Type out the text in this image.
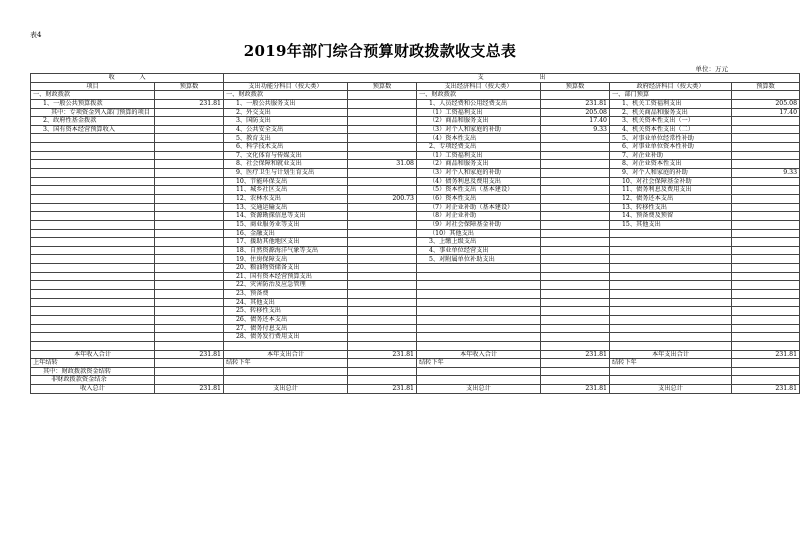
表4
2019年部门综合预算财政拨款收支总表
单位：万元
收　　　　入		支　　　　　　　　　出					
项目	预算数	支出功能分科目（按大类）	预算数	支出经济科目（按大类）	预算数	政府经济科目（按大类）	预算数
一、财政拨款		一、财政拨款		一、财政拨款		一、部门预算	
1、一般公共预算拨款	231.81	1、一般公共服务支出		1、人员经费和公用经费支出	231.81	1、机关工资福利支出	205.08
其中：专项资金列入部门预算的项目		2、外交支出		（1）工资福利支出	205.08	2、机关商品和服务支出	17.40
2、政府性基金拨款		3、国防支出		（2）商品和服务支出	17.40	3、机关资本性支出（一）	
3、国有资本经营预算收入		4、公共安全支出		（3）对个人和家庭的补助	9.33	4、机关资本性支出（二）	
		5、教育支出		（4）资本性支出		5、对事业单位经常性补助	
		6、科学技术支出		2、专项经费支出		6、对事业单位资本性补助	
		7、文化体育与传媒支出		（1）工资福利支出		7、对企业补助	
		8、社会保障和就业支出	31.08	（2）商品和服务支出		8、对企业资本性支出	
		9、医疗卫生与计划生育支出		（3）对个人和家庭的补助		9、对个人和家庭的补助	9.33
		10、节能环保支出		（4）债务利息及费用支出		10、对社会保障基金补助	
		11、城乡社区支出		（5）资本性支出（基本建设）		11、债务利息及费用支出	
		12、农林水支出	200.73	（6）资本性支出		12、债务还本支出	
		13、交通运输支出		（7）对企业补助（基本建设）		13、转移性支出	
		14、资源勘探信息等支出		（8）对企业补助		14、预备费及预留	
		15、商业服务业等支出		（9）对社会保障基金补助		15、其他支出	
		16、金融支出		（10）其他支出			
		17、援助其他地区支出		3、上缴上级支出			
		18、自然资源海洋气象等支出		4、事业单位经营支出			
		19、住房保障支出		5、对附属单位补助支出			
		20、粮油物资储备支出					
		21、国有资本经营预算支出					
		22、灾害防治及应急管理					
		23、预备费					
		24、其他支出					
		25、转移性支出					
		26、债务还本支出					
		27、债务付息支出					
		28、债务发行费用支出					

本年收入合计	231.81	本年支出合计	231.81	本年收入合计	231.81	本年支出合计	231.81
上年结转		结转下年		结转下年		结转下年	
其中：财政拨款资金结转							
非财政拨款资金结余							
收入总计	231.81	支出总计	231.81	支出总计	231.81	支出总计	231.81
